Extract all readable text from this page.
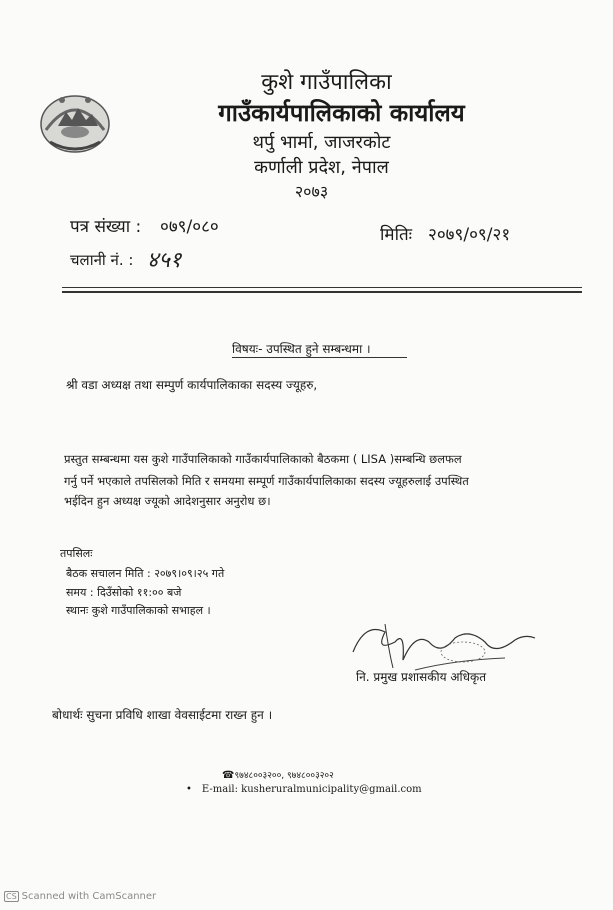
कुशे गाउँपालिका
गाउँकार्यपालिकाको कार्यालय
थर्पु भार्मा, जाजरकोट
कर्णाली प्रदेश, नेपाल
२०७३
पत्र संख्या : ०७९/०८०	मितिः २०७९/०९/२१
चलानी नं. : ४५१
विषयः- उपस्थित हुने सम्बन्धमा ।
श्री वडा अध्यक्ष तथा सम्पुर्ण कार्यपालिकाका सदस्य ज्यूहरु,
प्रस्तुत सम्बन्धमा यस कुशे गाउँपालिकाको गाउँकार्यपालिकाको बैठकमा ( LISA )सम्बन्धि छलफल
गर्नु पर्ने भएकाले तपसिलको मिति र समयमा सम्पूर्ण गाउँकार्यपालिकाका सदस्य ज्यूहरुलाई उपस्थित
भईदिन हुन अध्यक्ष ज्यूको आदेशनुसार अनुरोध छ।
तपसिलः
बैठक सचालन मिति : २०७९।०९।२५ गते
समय : दिउँसोको ११:०० बजे
स्थानः कुशे गाउँपालिकाको सभाहल ।
नि. प्रमुख प्रशासकीय अधिकृत
बोधार्थः सुचना प्रविधि शाखा वेवसाईटमा राख्न हुन ।
☎९७४८००३२००, ९७४८००३२०२
• E-mail: kusheruralmunicipality@gmail.com
CS Scanned with CamScanner
